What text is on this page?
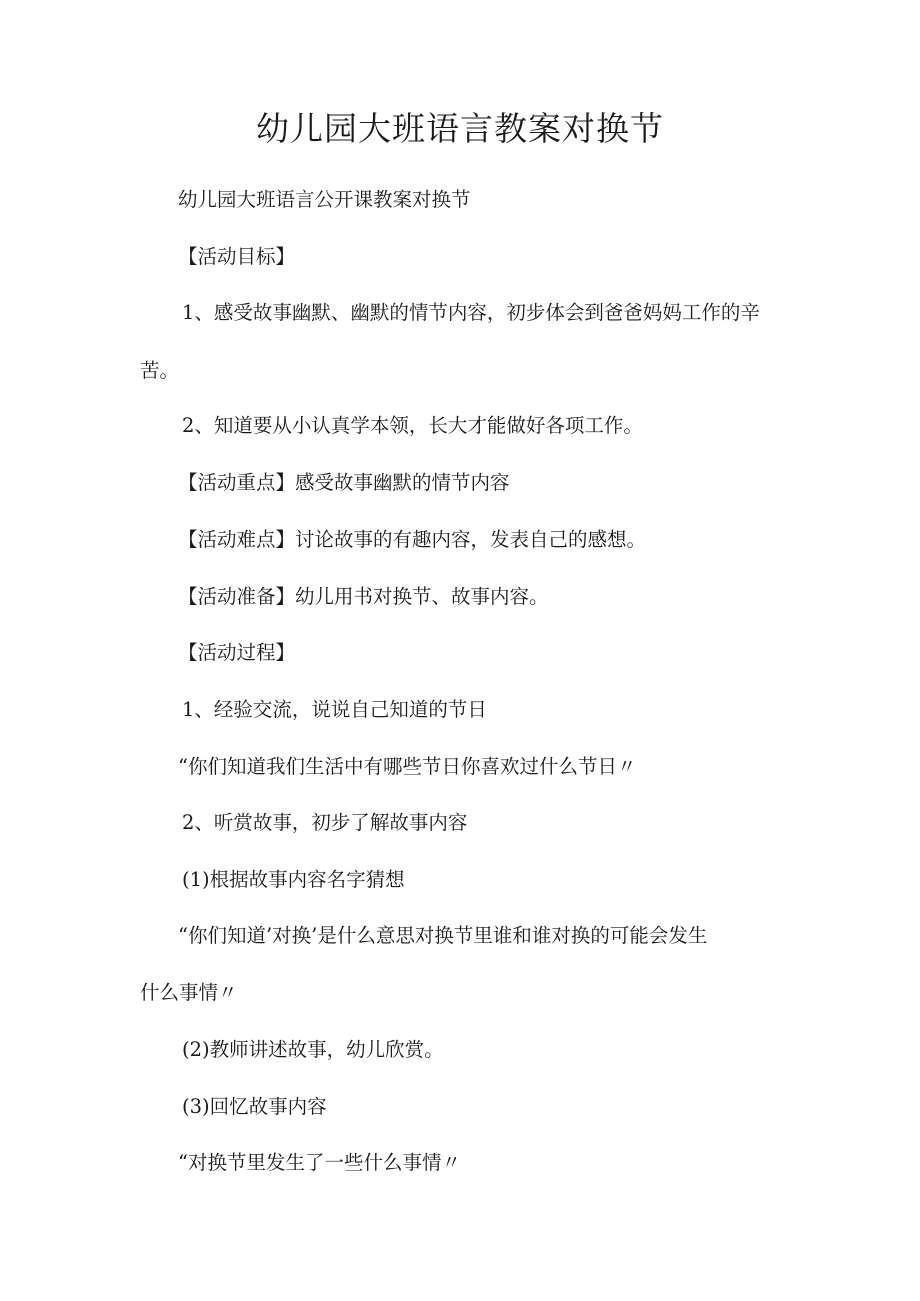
幼儿园大班语言教案对换节
幼儿园大班语言公开课教案对换节
【活动目标】
1、感受故事幽默、幽默的情节内容，初步体会到爸爸妈妈工作的辛
苦。
2、知道要从小认真学本领，长大才能做好各项工作。
【活动重点】感受故事幽默的情节内容
【活动难点】讨论故事的有趣内容，发表自己的感想。
【活动准备】幼儿用书对换节、故事内容。
【活动过程】
1、经验交流，说说自己知道的节日
“你们知道我们生活中有哪些节日你喜欢过什么节日〃
2、听赏故事，初步了解故事内容
(1)根据故事内容名字猜想
“你们知道’对换’是什么意思对换节里谁和谁对换的可能会发生
什么事情〃
(2)教师讲述故事，幼儿欣赏。
(3)回忆故事内容
“对换节里发生了一些什么事情〃
